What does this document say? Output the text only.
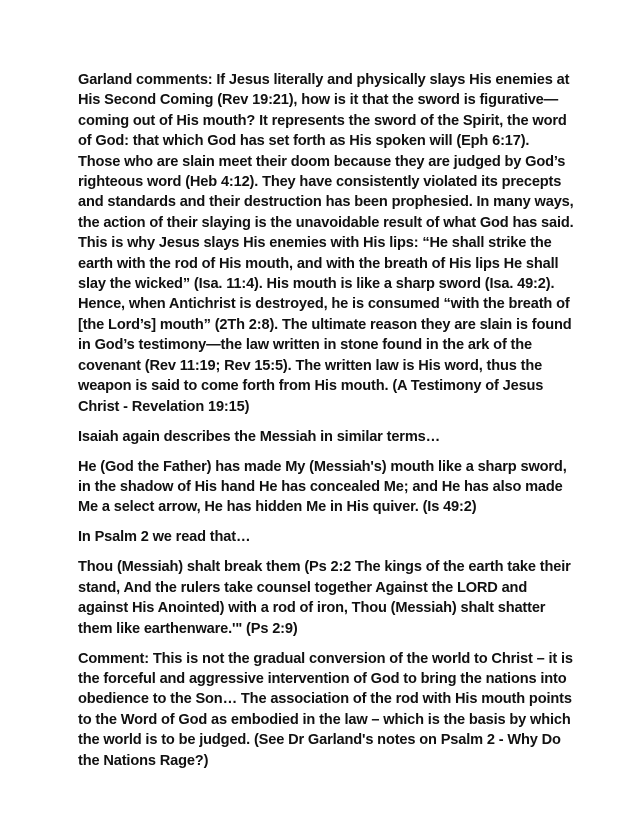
Garland comments: If Jesus literally and physically slays His enemies at His Second Coming (Rev 19:21), how is it that the sword is figurative—coming out of His mouth? It represents the sword of the Spirit, the word of God: that which God has set forth as His spoken will (Eph 6:17). Those who are slain meet their doom because they are judged by God’s righteous word (Heb 4:12). They have consistently violated its precepts and standards and their destruction has been prophesied. In many ways, the action of their slaying is the unavoidable result of what God has said. This is why Jesus slays His enemies with His lips: “He shall strike the earth with the rod of His mouth, and with the breath of His lips He shall slay the wicked” (Isa. 11:4). His mouth is like a sharp sword (Isa. 49:2). Hence, when Antichrist is destroyed, he is consumed “with the breath of [the Lord’s] mouth” (2Th 2:8). The ultimate reason they are slain is found in God’s testimony—the law written in stone found in the ark of the covenant (Rev 11:19; Rev 15:5). The written law is His word, thus the weapon is said to come forth from His mouth. (A Testimony of Jesus Christ - Revelation 19:15)

Isaiah again describes the Messiah in similar terms…

He (God the Father) has made My (Messiah's) mouth like a sharp sword, in the shadow of His hand He has concealed Me; and He has also made Me a select arrow, He has hidden Me in His quiver. (Is 49:2)

In Psalm 2 we read that…

Thou (Messiah) shalt break them (Ps 2:2 The kings of the earth take their stand, And the rulers take counsel together Against the LORD and against His Anointed) with a rod of iron, Thou (Messiah) shalt shatter them like earthenware.'" (Ps 2:9)

Comment: This is not the gradual conversion of the world to Christ – it is the forceful and aggressive intervention of God to bring the nations into obedience to the Son… The association of the rod with His mouth points to the Word of God as embodied in the law – which is the basis by which the world is to be judged. (See Dr Garland's notes on Psalm 2 - Why Do the Nations Rage?)
